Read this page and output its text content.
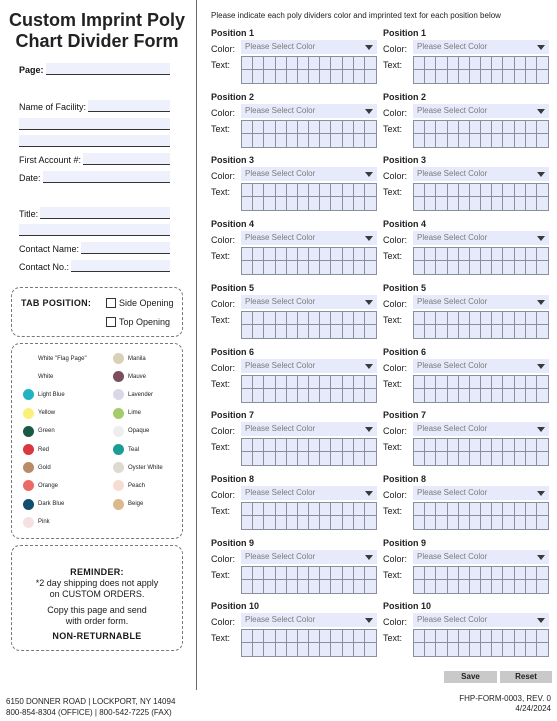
Custom Imprint Poly
Chart Divider Form
Page:
Name of Facility:
First Account #:
Date:
Title:
Contact Name:
Contact No.:
TAB POSITION:	Side Opening
Top Opening
White "Flag Page"
White
Light Blue
Yellow
Green
Red
Gold
Orange
Dark Blue
Pink
Manila
Mauve
Lavender
Lime
Opaque
Teal
Oyster White
Peach
Beige
REMINDER:
*2 day shipping does not apply
on CUSTOM ORDERS.
Copy this page and send
with order form.
NON-RETURNABLE
Please indicate each poly dividers color and imprinted text for each position below
Position 1
Color:
Text:
Please Select Color
Position 2
Color:
Text:
Please Select Color
Position 3
Color:
Text:
Please Select Color
Position 4
Color:
Text:
Please Select Color
Position 5
Color:
Text:
Please Select Color
Position 6
Color:
Text:
Please Select Color
Position 7
Color:
Text:
Please Select Color
Position 8
Color:
Text:
Please Select Color
Position 9
Color:
Text:
Please Select Color
Position 10
Color:
Text:
Please Select Color
Position 1
Color:
Text:
Please Select Color
Position 2
Color:
Text:
Please Select Color
Position 3
Color:
Text:
Please Select Color
Position 4
Color:
Text:
Please Select Color
Position 5
Color:
Text:
Please Select Color
Position 6
Color:
Text:
Please Select Color
Position 7
Color:
Text:
Please Select Color
Position 8
Color:
Text:
Please Select Color
Position 9
Color:
Text:
Please Select Color
Position 10
Color:
Text:
Please Select Color
Save	Reset
6150 DONNER ROAD | LOCKPORT, NY 14094
800-854-8304 (OFFICE) | 800-542-7225 (FAX)
FHP-FORM-0003, REV. 0
4/24/2024
